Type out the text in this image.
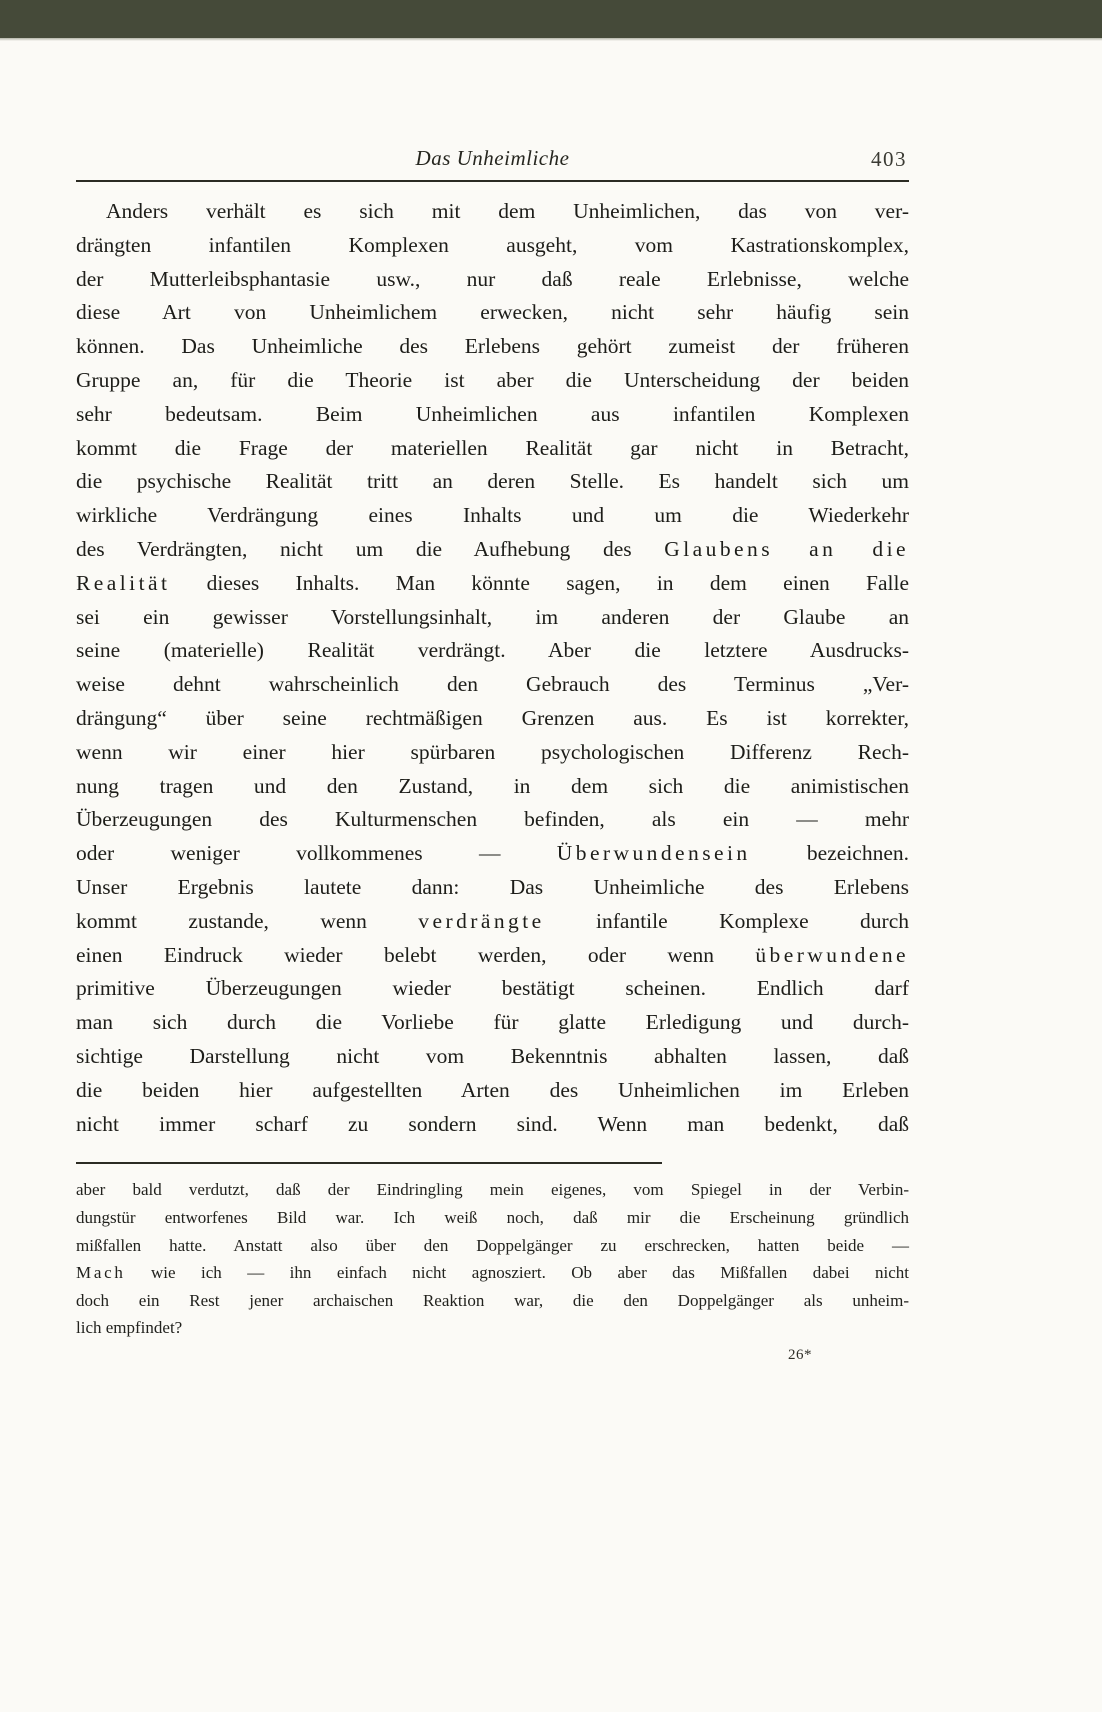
Das Unheimliche	403
Anders verhält es sich mit dem Unheimlichen, das von ver-
drängten infantilen Komplexen ausgeht, vom Kastrationskomplex,
der Mutterleibsphantasie usw., nur daß reale Erlebnisse, welche
diese Art von Unheimlichem erwecken, nicht sehr häufig sein
können. Das Unheimliche des Erlebens gehört zumeist der früheren
Gruppe an, für die Theorie ist aber die Unterscheidung der beiden
sehr bedeutsam. Beim Unheimlichen aus infantilen Komplexen
kommt die Frage der materiellen Realität gar nicht in Betracht,
die psychische Realität tritt an deren Stelle. Es handelt sich um
wirkliche Verdrängung eines Inhalts und um die Wiederkehr
des Verdrängten, nicht um die Aufhebung des Glaubens an die
Realität dieses Inhalts. Man könnte sagen, in dem einen Falle
sei ein gewisser Vorstellungsinhalt, im anderen der Glaube an
seine (materielle) Realität verdrängt. Aber die letztere Ausdrucks-
weise dehnt wahrscheinlich den Gebrauch des Terminus „Ver-
drängung“ über seine rechtmäßigen Grenzen aus. Es ist korrekter,
wenn wir einer hier spürbaren psychologischen Differenz Rech-
nung tragen und den Zustand, in dem sich die animistischen
Überzeugungen des Kulturmenschen befinden, als ein — mehr
oder weniger vollkommenes — Überwundensein bezeichnen.
Unser Ergebnis lautete dann: Das Unheimliche des Erlebens
kommt zustande, wenn verdrängte infantile Komplexe durch
einen Eindruck wieder belebt werden, oder wenn überwundene
primitive Überzeugungen wieder bestätigt scheinen. Endlich darf
man sich durch die Vorliebe für glatte Erledigung und durch-
sichtige Darstellung nicht vom Bekenntnis abhalten lassen, daß
die beiden hier aufgestellten Arten des Unheimlichen im Erleben
nicht immer scharf zu sondern sind. Wenn man bedenkt, daß
aber bald verdutzt, daß der Eindringling mein eigenes, vom Spiegel in der Verbin-
dungstür entworfenes Bild war. Ich weiß noch, daß mir die Erscheinung gründlich
mißfallen hatte. Anstatt also über den Doppelgänger zu erschrecken, hatten beide —
Mach wie ich — ihn einfach nicht agnosziert. Ob aber das Mißfallen dabei nicht
doch ein Rest jener archaischen Reaktion war, die den Doppelgänger als unheim-
lich empfindet?
26*
